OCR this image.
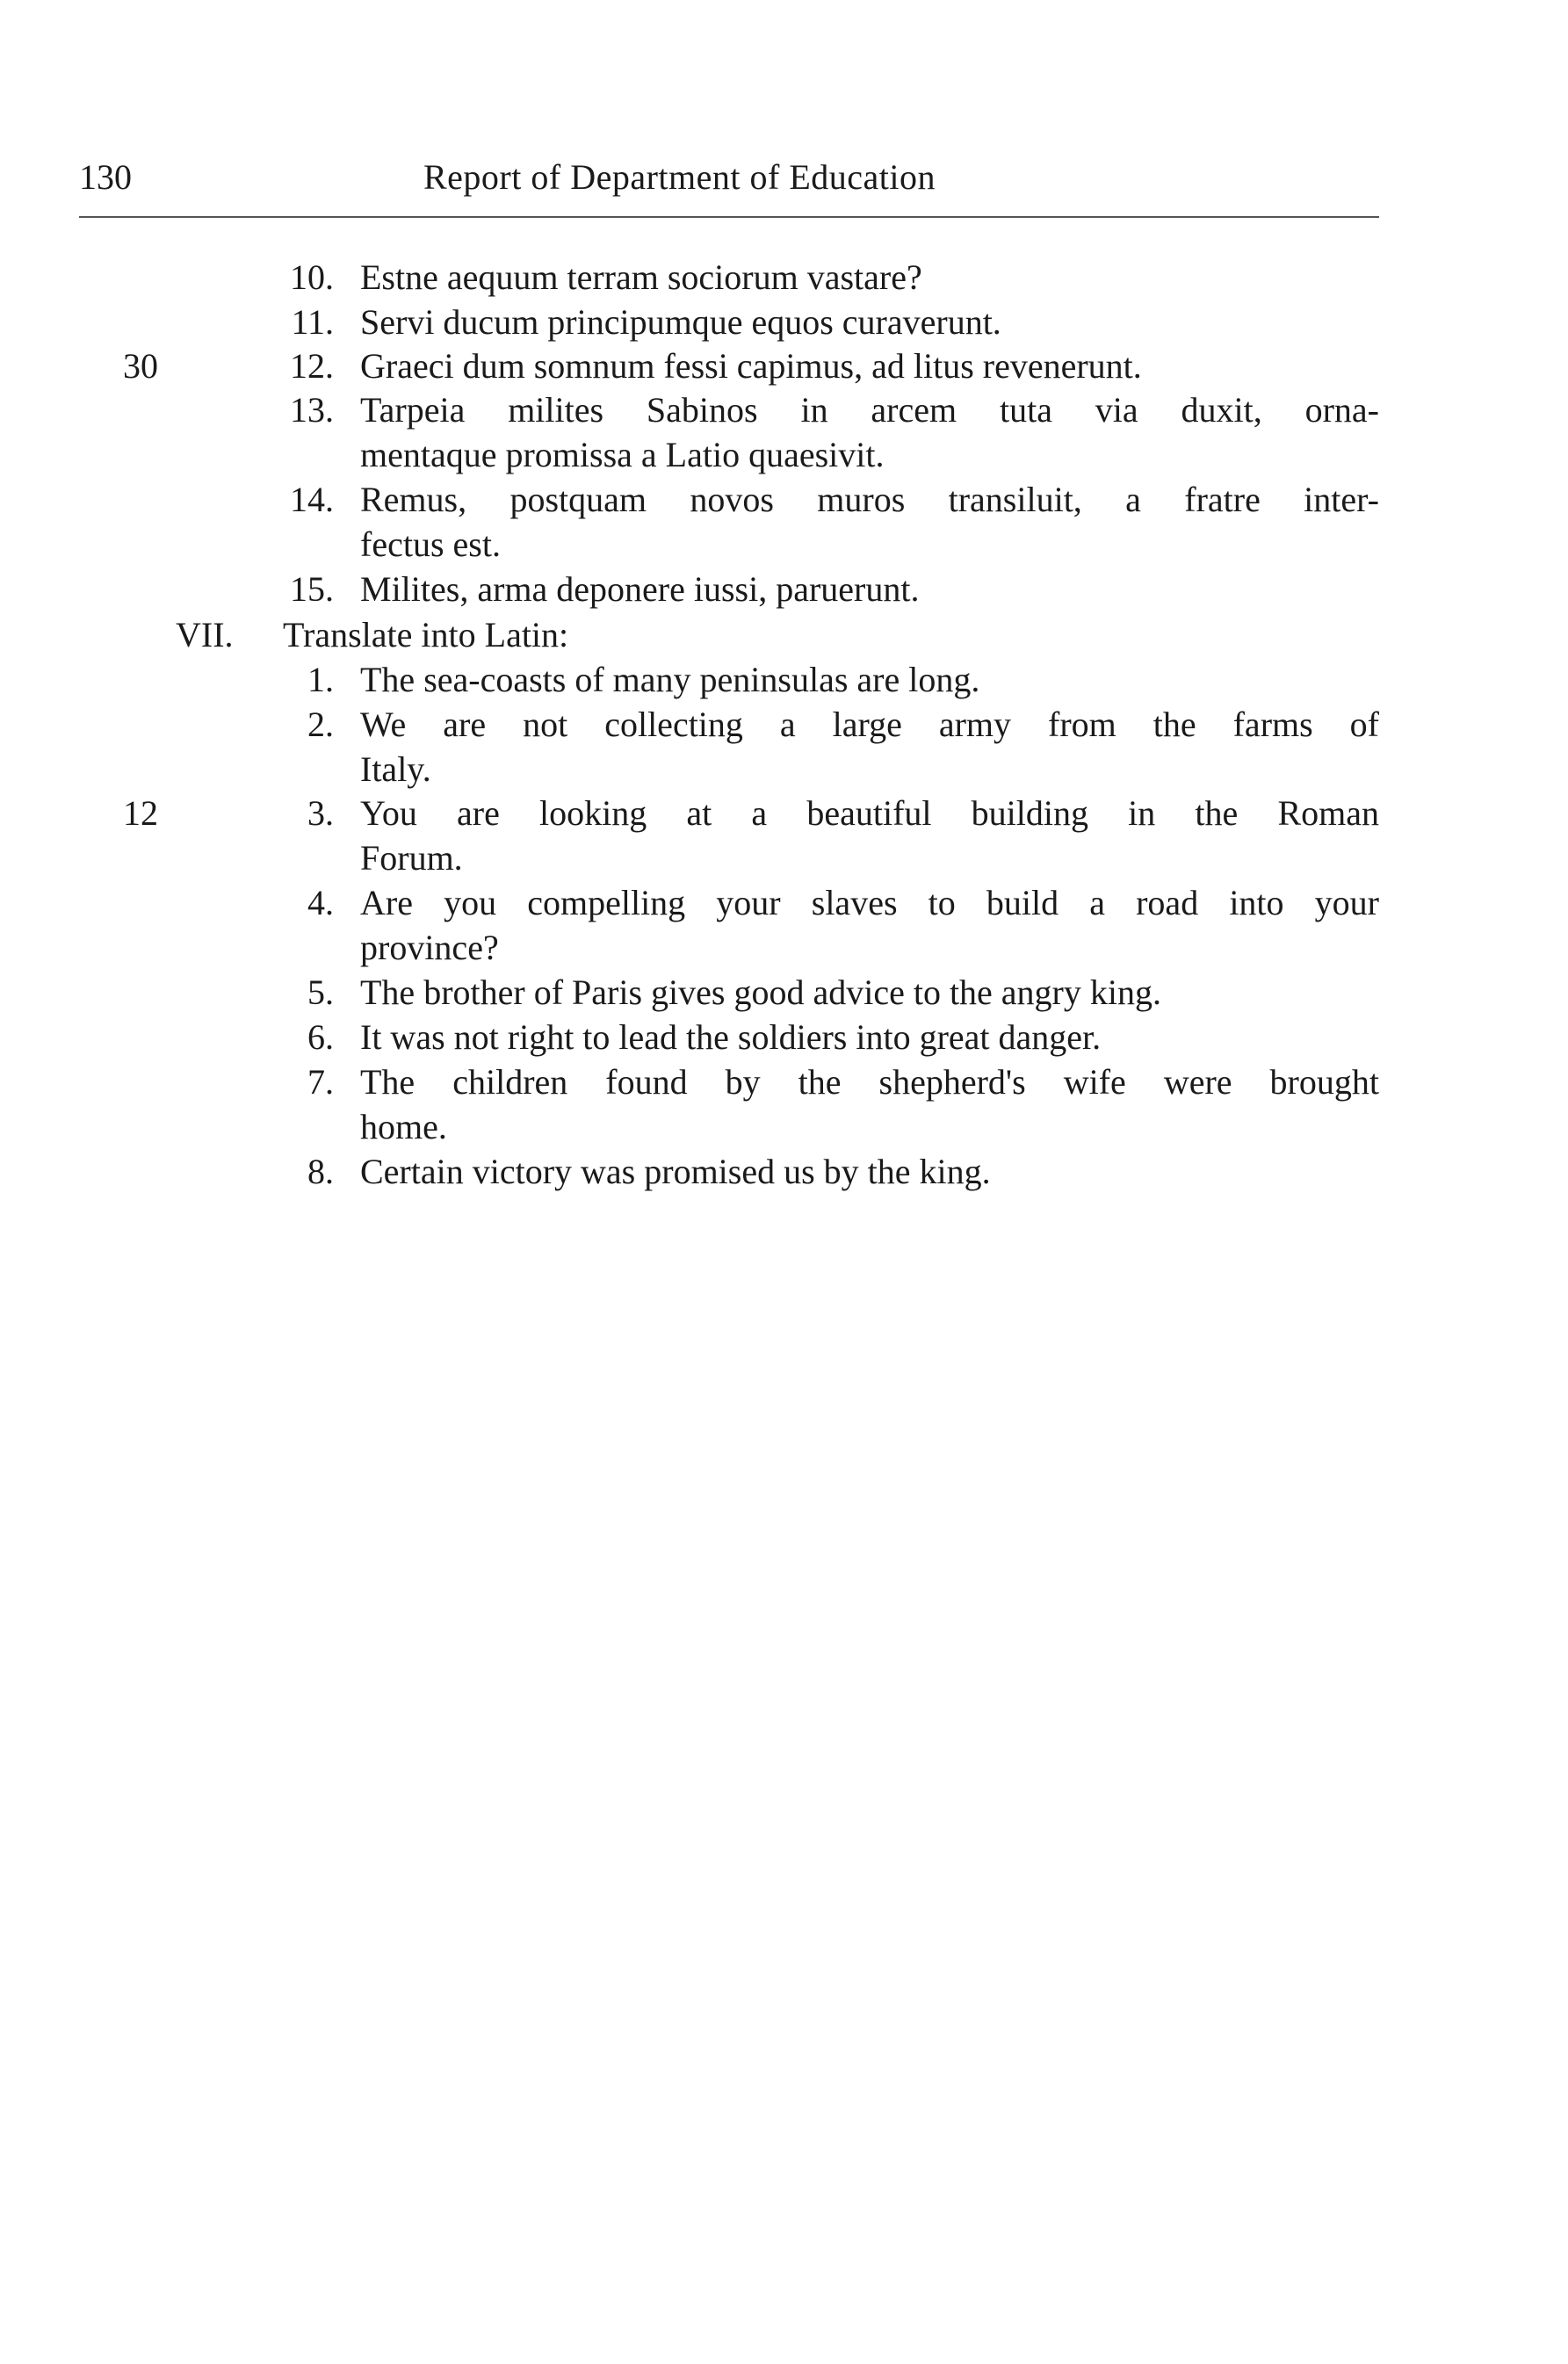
130	Report of Department of Education
30
VII.
12
10. Estne aequum terram sociorum vastare?
11. Servi ducum principumque equos curaverunt.
12. Graeci dum somnum fessi capimus, ad litus revenerunt.
13. Tarpeia milites Sabinos in arcem tuta via duxit, orna-
mentaque promissa a Latio quaesivit.
14. Remus, postquam novos muros transiluit, a fratre inter-
fectus est.
15. Milites, arma deponere iussi, paruerunt.
Translate into Latin:
1. The sea-coasts of many peninsulas are long.
2. We are not collecting a large army from the farms of
Italy.
3. You are looking at a beautiful building in the Roman
Forum.
4. Are you compelling your slaves to build a road into your
province?
5. The brother of Paris gives good advice to the angry king.
6. It was not right to lead the soldiers into great danger.
7. The children found by the shepherd's wife were brought
home.
8. Certain victory was promised us by the king.
